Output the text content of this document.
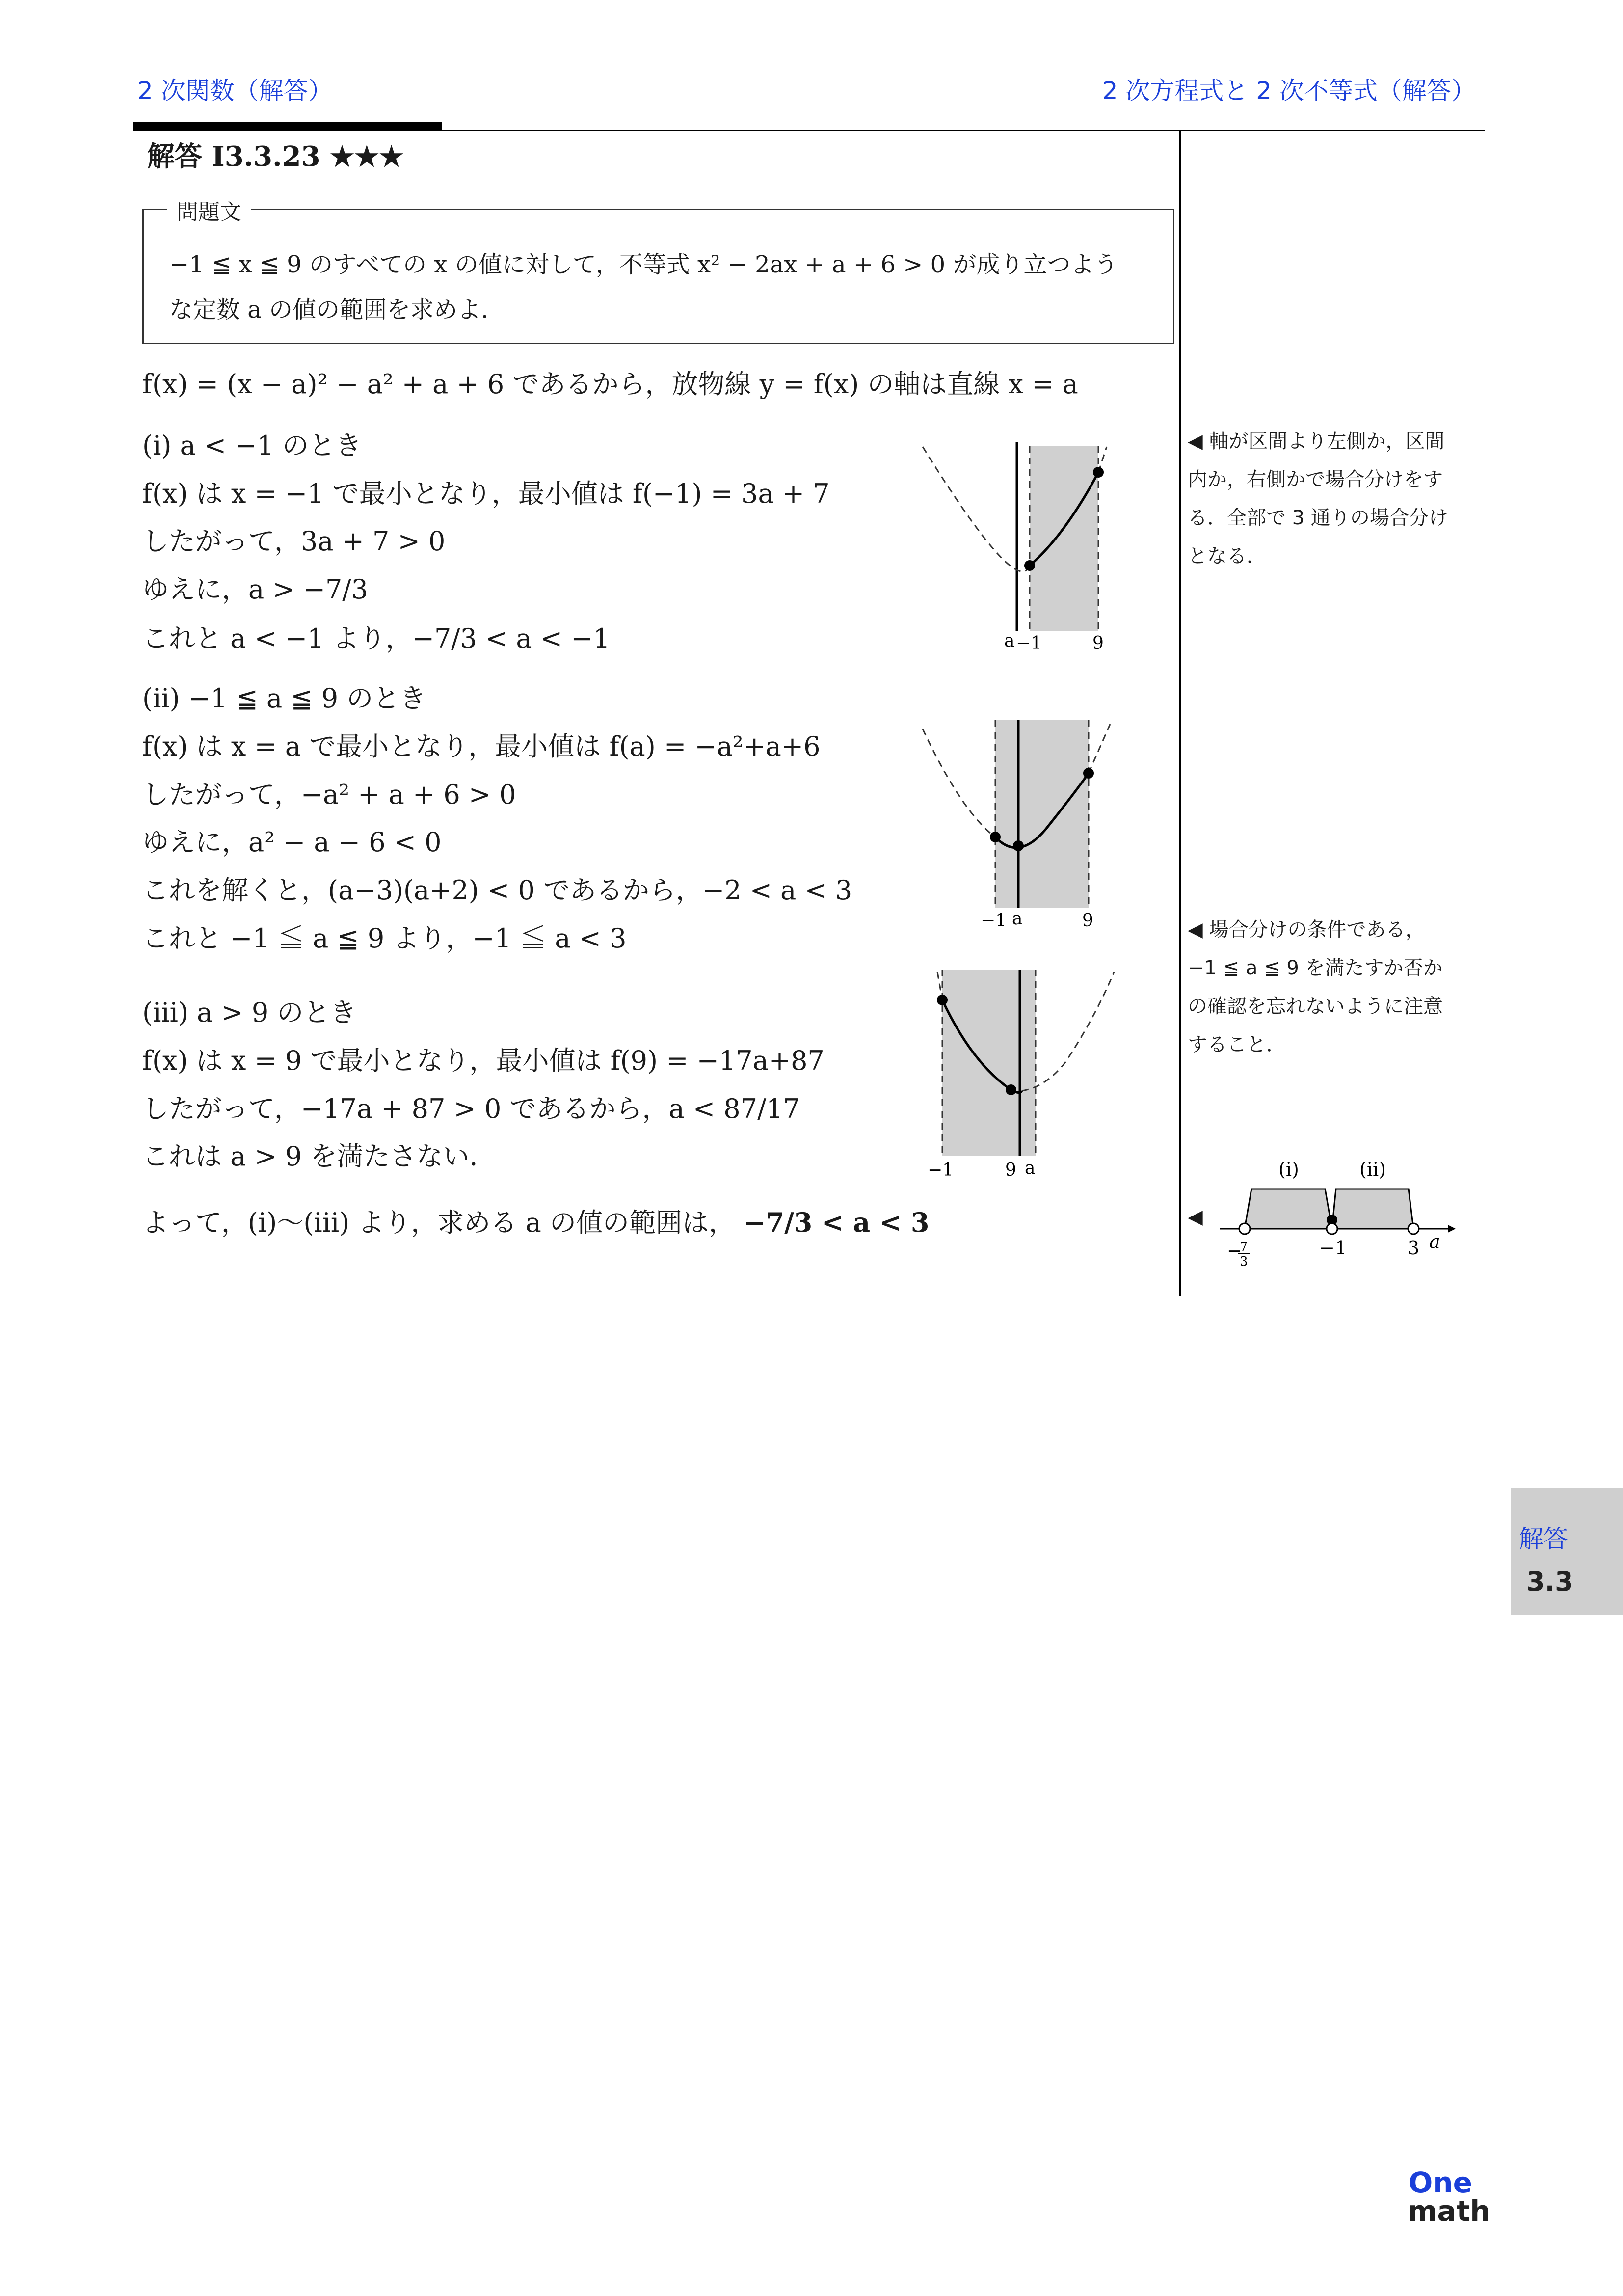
2 次関数（解答）	2 次方程式と 2 次不等式（解答）
解答 I3.3.23 ★★★
問題文
−1 ≦ x ≦ 9 のすべての x の値に対して，不等式 x² − 2ax + a + 6 > 0 が成り立つよう
な定数 a の値の範囲を求めよ．
f(x) = (x − a)² − a² + a + 6 であるから，放物線 y = f(x) の軸は直線 x = a
(i) a < −1 のとき
f(x) は x = −1 で最小となり，最小値は f(−1) = 3a + 7
したがって，3a + 7 > 0
ゆえに，a > −7/3
これと a < −1 より，−7/3 < a < −1
(ii) −1 ≦ a ≦ 9 のとき
f(x) は x = a で最小となり，最小値は f(a) = −a²+a+6
したがって，−a² + a + 6 > 0
ゆえに，a² − a − 6 < 0
これを解くと，(a−3)(a+2) < 0 であるから，−2 < a < 3
これと −1 ≦ a ≦ 9 より，−1 ≦ a < 3
(iii) a > 9 のとき
f(x) は x = 9 で最小となり，最小値は f(9) = −17a+87
したがって，−17a + 87 > 0 であるから，a < 87/17
これは a > 9 を満たさない．
よって，(i)〜(iii) より，求める a の値の範囲は， −7/3 < a < 3
a −1	9
−1 a	9
−1	9 a
◀ 軸が区間より左側か，区間
内か，右側かで場合分けをす
る．全部で 3 通りの場合分け
となる．
◀ 場合分けの条件である，
−1 ≦ a ≦ 9 を満たすか否か
の確認を忘れないように注意
すること．
◀
(i)	(ii)
−
7
3
−1	3 a
解答
3.3
One
math
